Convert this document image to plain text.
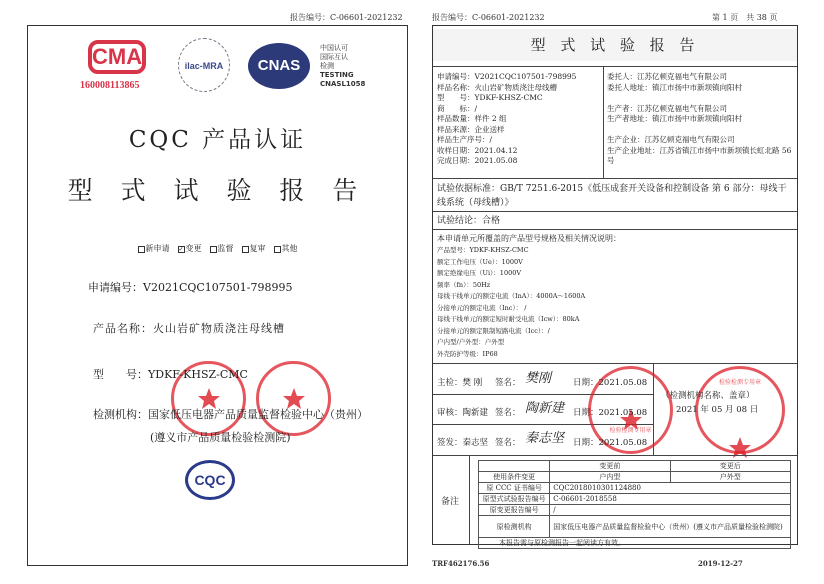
报告编号：C-06601-2021232
CMA
160008113865
ilac-MRA	CNAS
中国认可
国际互认
检测
TESTING
CNASL1058
CQC 产品认证
型 式 试 验 报 告
新申请 ✓ 变更 监督 复审 其他
申请编号：V2021CQC107501-798995
产品名称：火山岩矿物质浇注母线槽
型　　号：YDKF-KHSZ-CMC
检测机构：国家低压电器产品质量监督检验中心（贵州）
(遵义市产品质量检验检测院)
CQC
报告编号：C-06601-2021232	第 1 页　共 38 页
型 式 试 验 报 告
申请编号：V2021CQC107501-798995
样品名称：火山岩矿物质浇注母线槽
型　　号：YDKF-KHSZ-CMC
商　　标：/
样品数量：样件 2 组
样品来源：企业送样
样品生产序号：/
收样日期：2021.04.12
完成日期：2021.05.08
委托人：江苏亿顿克福电气有限公司
委托人地址：镇江市扬中市新坝镇向阳村
生产者：江苏亿顿克福电气有限公司
生产者地址：镇江市扬中市新坝镇向阳村
生产企业：江苏亿顿克福电气有限公司
生产企业地址：江苏省镇江市扬中市新坝镇长虹北路 56 号
试验依据标准：GB/T 7251.6-2015《低压成套开关设备和控制设备 第 6 部分：母线干线系统（母线槽）》
试验结论：合格
本申请单元所覆盖的产品型号规格及相关情况说明：
产品型号：YDKF-KHSZ-CMC
额定工作电压（Ue）：1000V
额定绝缘电压（Ui）：1000V
频率（fn）：50Hz
母线干线单元的额定电流（InA）：4000A～1600A
分接单元的额定电流（Inc）： /
母线干线单元的额定短时耐受电流（Icw）：80kA
分接单元的额定限制短路电流（Icc）：/
户内型/户外型：户外型
外壳防护等级：IP68
检验检测专用章
检验检测专用章
主检：樊 刚 签名： 樊刚	日期：2021.05.08
审核：陶新建 签名： 陶新建 日期：2021.05.08
签发：秦志坚 签名： 秦志坚 日期：2021.05.08
（检测机构名称、盖章）
2021 年 05 月 08 日
备注
	变更前	变更后
使用条件变更	户内型	户外型
原 CCC 证书编号	CQC2018010301124880	
原型式试验报告编号	C-06601-2018558	
原变更报告编号	/	
原检测机构	国家低压电器产品质量监督检验中心（贵州）(遵义市产品质量检验检测院)	
本报告需与原检测报告一起阅读方有效。		
TRF462176.56	2019-12-27
